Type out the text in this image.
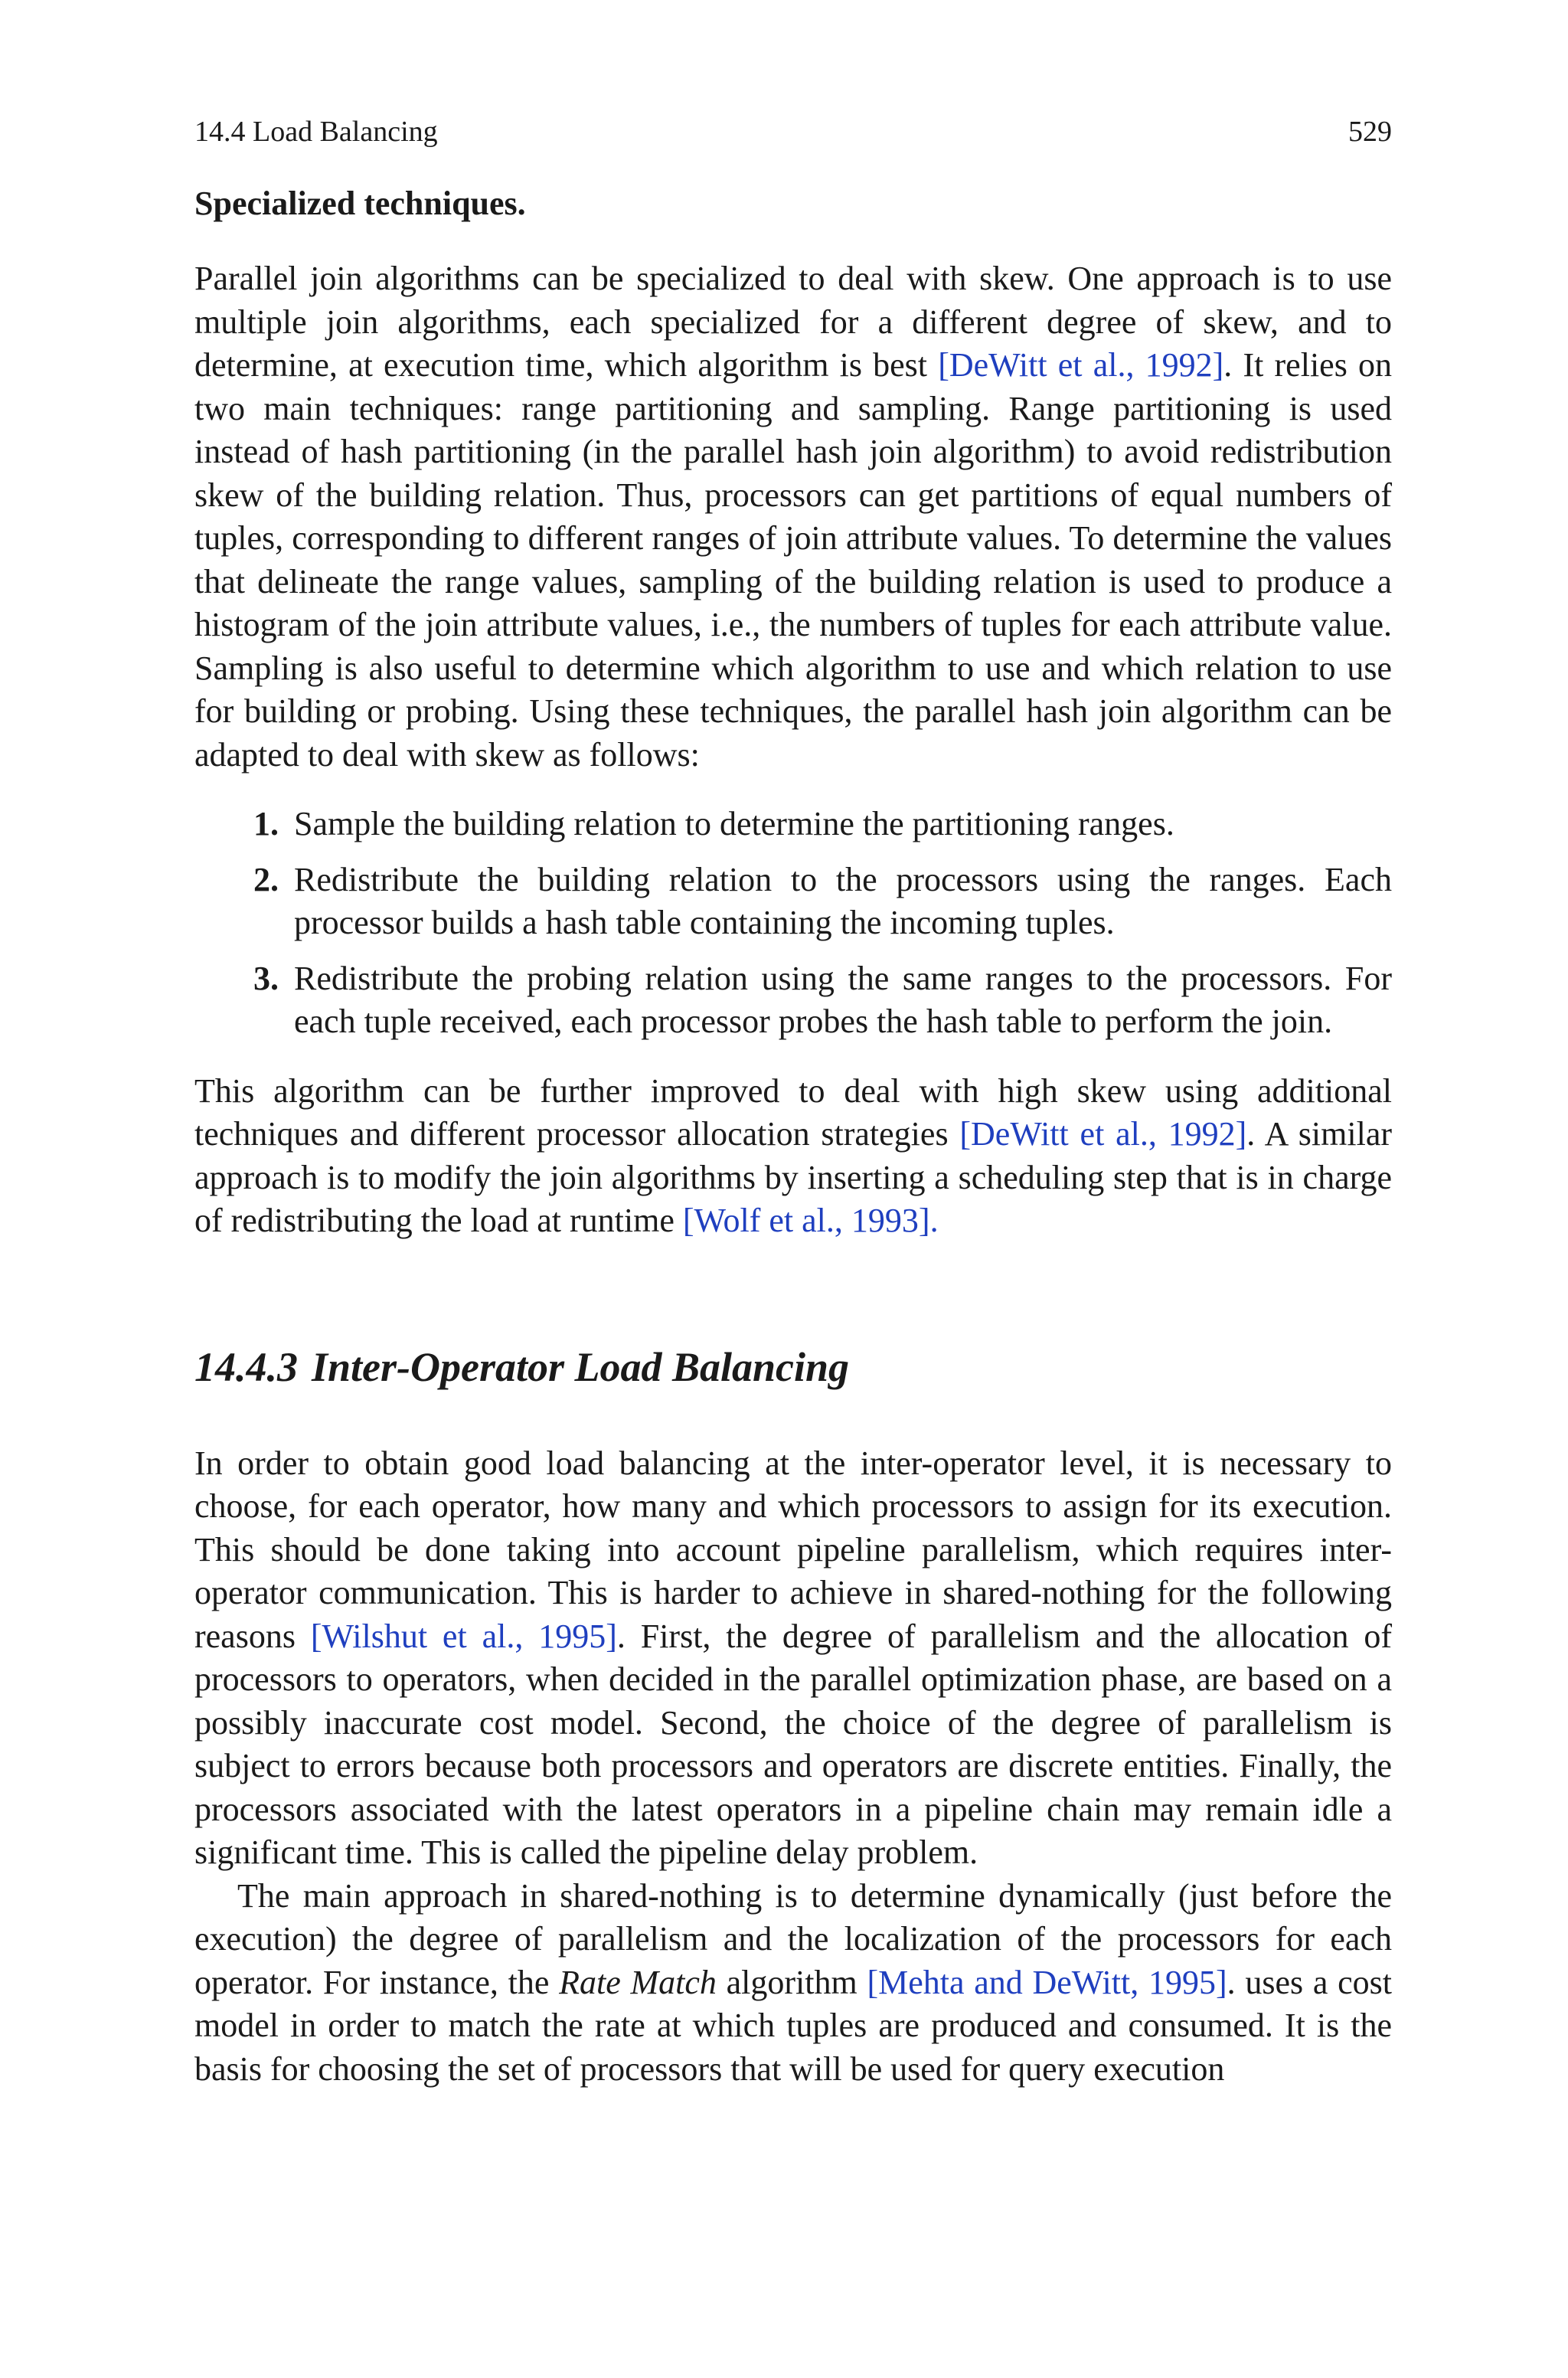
14.4 Load Balancing	529
Specialized techniques.

Parallel join algorithms can be specialized to deal with skew. One approach is to use multiple join algorithms, each specialized for a different degree of skew, and to determine, at execution time, which algorithm is best [DeWitt et al., 1992]. It relies on two main techniques: range partitioning and sampling. Range partitioning is used instead of hash partitioning (in the parallel hash join algorithm) to avoid redistribution skew of the building relation. Thus, processors can get partitions of equal numbers of tuples, corresponding to different ranges of join attribute values. To determine the values that delineate the range values, sampling of the building relation is used to produce a histogram of the join attribute values, i.e., the numbers of tuples for each attribute value. Sampling is also useful to determine which algorithm to use and which relation to use for building or probing. Using these techniques, the parallel hash join algorithm can be adapted to deal with skew as follows:

1. Sample the building relation to determine the partitioning ranges.
2. Redistribute the building relation to the processors using the ranges. Each processor builds a hash table containing the incoming tuples.
3. Redistribute the probing relation using the same ranges to the processors. For each tuple received, each processor probes the hash table to perform the join.

This algorithm can be further improved to deal with high skew using additional techniques and different processor allocation strategies [DeWitt et al., 1992]. A similar approach is to modify the join algorithms by inserting a scheduling step that is in charge of redistributing the load at runtime [Wolf et al., 1993].

14.4.3 Inter-Operator Load Balancing

In order to obtain good load balancing at the inter-operator level, it is necessary to choose, for each operator, how many and which processors to assign for its execution. This should be done taking into account pipeline parallelism, which requires inter-operator communication. This is harder to achieve in shared-nothing for the following reasons [Wilshut et al., 1995]. First, the degree of parallelism and the allocation of processors to operators, when decided in the parallel optimization phase, are based on a possibly inaccurate cost model. Second, the choice of the degree of parallelism is subject to errors because both processors and operators are discrete entities. Finally, the processors associated with the latest operators in a pipeline chain may remain idle a significant time. This is called the pipeline delay problem.

The main approach in shared-nothing is to determine dynamically (just before the execution) the degree of parallelism and the localization of the processors for each operator. For instance, the Rate Match algorithm [Mehta and DeWitt, 1995]. uses a cost model in order to match the rate at which tuples are produced and consumed. It is the basis for choosing the set of processors that will be used for query execution
